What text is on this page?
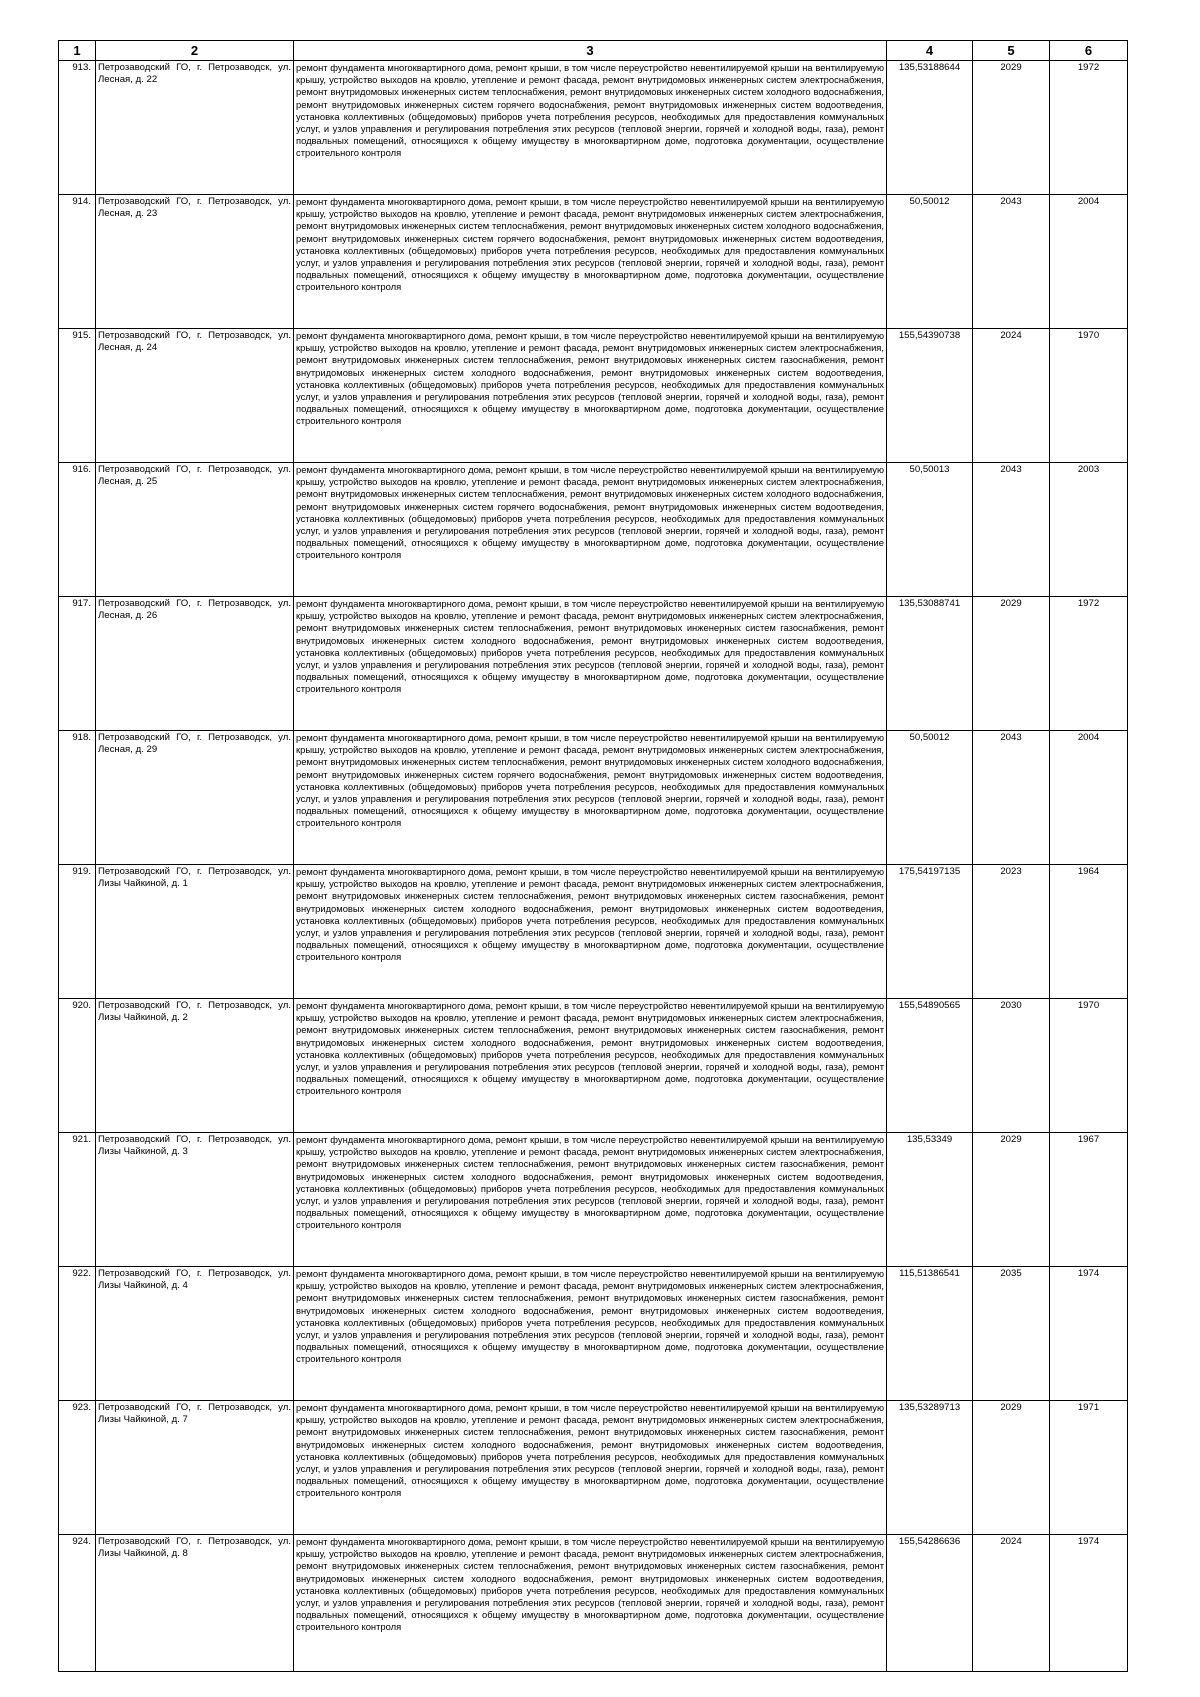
1	2	3	4	5	6
913.	Петрозаводский ГО, г. Петрозаводск, ул. Лесная, д. 22	ремонт фундамента многоквартирного дома, ремонт крыши, в том числе переустройство невентилируемой крыши на вентилируемую крышу, устройство выходов на кровлю, утепление и ремонт фасада, ремонт внутридомовых инженерных систем электроснабжения, ремонт внутридомовых инженерных систем теплоснабжения, ремонт внутридомовых инженерных систем холодного водоснабжения, ремонт внутридомовых инженерных систем горячего водоснабжения, ремонт внутридомовых инженерных систем водоотведения, установка коллективных (общедомовых) приборов учета потребления ресурсов, необходимых для предоставления коммунальных услуг, и узлов управления и регулирования потребления этих ресурсов (тепловой энергии, горячей и холодной воды, газа), ремонт подвальных помещений, относящихся к общему имуществу в многоквартирном доме, подготовка документации, осуществление строительного контроля	135,53188644	2029	1972
914.	Петрозаводский ГО, г. Петрозаводск, ул. Лесная, д. 23	ремонт фундамента многоквартирного дома, ремонт крыши, в том числе переустройство невентилируемой крыши на вентилируемую крышу, устройство выходов на кровлю, утепление и ремонт фасада, ремонт внутридомовых инженерных систем электроснабжения, ремонт внутридомовых инженерных систем теплоснабжения, ремонт внутридомовых инженерных систем холодного водоснабжения, ремонт внутридомовых инженерных систем горячего водоснабжения, ремонт внутридомовых инженерных систем водоотведения, установка коллективных (общедомовых) приборов учета потребления ресурсов, необходимых для предоставления коммунальных услуг, и узлов управления и регулирования потребления этих ресурсов (тепловой энергии, горячей и холодной воды, газа), ремонт подвальных помещений, относящихся к общему имуществу в многоквартирном доме, подготовка документации, осуществление строительного контроля	50,50012	2043	2004
915.	Петрозаводский ГО, г. Петрозаводск, ул. Лесная, д. 24	ремонт фундамента многоквартирного дома, ремонт крыши, в том числе переустройство невентилируемой крыши на вентилируемую крышу, устройство выходов на кровлю, утепление и ремонт фасада, ремонт внутридомовых инженерных систем электроснабжения, ремонт внутридомовых инженерных систем теплоснабжения, ремонт внутридомовых инженерных систем газоснабжения, ремонт внутридомовых инженерных систем холодного водоснабжения, ремонт внутридомовых инженерных систем водоотведения, установка коллективных (общедомовых) приборов учета потребления ресурсов, необходимых для предоставления коммунальных услуг, и узлов управления и регулирования потребления этих ресурсов (тепловой энергии, горячей и холодной воды, газа), ремонт подвальных помещений, относящихся к общему имуществу в многоквартирном доме, подготовка документации, осуществление строительного контроля	155,54390738	2024	1970
916.	Петрозаводский ГО, г. Петрозаводск, ул. Лесная, д. 25	ремонт фундамента многоквартирного дома, ремонт крыши, в том числе переустройство невентилируемой крыши на вентилируемую крышу, устройство выходов на кровлю, утепление и ремонт фасада, ремонт внутридомовых инженерных систем электроснабжения, ремонт внутридомовых инженерных систем теплоснабжения, ремонт внутридомовых инженерных систем холодного водоснабжения, ремонт внутридомовых инженерных систем горячего водоснабжения, ремонт внутридомовых инженерных систем водоотведения, установка коллективных (общедомовых) приборов учета потребления ресурсов, необходимых для предоставления коммунальных услуг, и узлов управления и регулирования потребления этих ресурсов (тепловой энергии, горячей и холодной воды, газа), ремонт подвальных помещений, относящихся к общему имуществу в многоквартирном доме, подготовка документации, осуществление строительного контроля	50,50013	2043	2003
917.	Петрозаводский ГО, г. Петрозаводск, ул. Лесная, д. 26	ремонт фундамента многоквартирного дома, ремонт крыши, в том числе переустройство невентилируемой крыши на вентилируемую крышу, устройство выходов на кровлю, утепление и ремонт фасада, ремонт внутридомовых инженерных систем электроснабжения, ремонт внутридомовых инженерных систем теплоснабжения, ремонт внутридомовых инженерных систем газоснабжения, ремонт внутридомовых инженерных систем холодного водоснабжения, ремонт внутридомовых инженерных систем водоотведения, установка коллективных (общедомовых) приборов учета потребления ресурсов, необходимых для предоставления коммунальных услуг, и узлов управления и регулирования потребления этих ресурсов (тепловой энергии, горячей и холодной воды, газа), ремонт подвальных помещений, относящихся к общему имуществу в многоквартирном доме, подготовка документации, осуществление строительного контроля	135,53088741	2029	1972
918.	Петрозаводский ГО, г. Петрозаводск, ул. Лесная, д. 29	ремонт фундамента многоквартирного дома, ремонт крыши, в том числе переустройство невентилируемой крыши на вентилируемую крышу, устройство выходов на кровлю, утепление и ремонт фасада, ремонт внутридомовых инженерных систем электроснабжения, ремонт внутридомовых инженерных систем теплоснабжения, ремонт внутридомовых инженерных систем холодного водоснабжения, ремонт внутридомовых инженерных систем горячего водоснабжения, ремонт внутридомовых инженерных систем водоотведения, установка коллективных (общедомовых) приборов учета потребления ресурсов, необходимых для предоставления коммунальных услуг, и узлов управления и регулирования потребления этих ресурсов (тепловой энергии, горячей и холодной воды, газа), ремонт подвальных помещений, относящихся к общему имуществу в многоквартирном доме, подготовка документации, осуществление строительного контроля	50,50012	2043	2004
919.	Петрозаводский ГО, г. Петрозаводск, ул. Лизы Чайкиной, д. 1	ремонт фундамента многоквартирного дома, ремонт крыши, в том числе переустройство невентилируемой крыши на вентилируемую крышу, устройство выходов на кровлю, утепление и ремонт фасада, ремонт внутридомовых инженерных систем электроснабжения, ремонт внутридомовых инженерных систем теплоснабжения, ремонт внутридомовых инженерных систем газоснабжения, ремонт внутридомовых инженерных систем холодного водоснабжения, ремонт внутридомовых инженерных систем водоотведения, установка коллективных (общедомовых) приборов учета потребления ресурсов, необходимых для предоставления коммунальных услуг, и узлов управления и регулирования потребления этих ресурсов (тепловой энергии, горячей и холодной воды, газа), ремонт подвальных помещений, относящихся к общему имуществу в многоквартирном доме, подготовка документации, осуществление строительного контроля	175,54197135	2023	1964
920.	Петрозаводский ГО, г. Петрозаводск, ул. Лизы Чайкиной, д. 2	ремонт фундамента многоквартирного дома, ремонт крыши, в том числе переустройство невентилируемой крыши на вентилируемую крышу, устройство выходов на кровлю, утепление и ремонт фасада, ремонт внутридомовых инженерных систем электроснабжения, ремонт внутридомовых инженерных систем теплоснабжения, ремонт внутридомовых инженерных систем газоснабжения, ремонт внутридомовых инженерных систем холодного водоснабжения, ремонт внутридомовых инженерных систем водоотведения, установка коллективных (общедомовых) приборов учета потребления ресурсов, необходимых для предоставления коммунальных услуг, и узлов управления и регулирования потребления этих ресурсов (тепловой энергии, горячей и холодной воды, газа), ремонт подвальных помещений, относящихся к общему имуществу в многоквартирном доме, подготовка документации, осуществление строительного контроля	155,54890565	2030	1970
921.	Петрозаводский ГО, г. Петрозаводск, ул. Лизы Чайкиной, д. 3	ремонт фундамента многоквартирного дома, ремонт крыши, в том числе переустройство невентилируемой крыши на вентилируемую крышу, устройство выходов на кровлю, утепление и ремонт фасада, ремонт внутридомовых инженерных систем электроснабжения, ремонт внутридомовых инженерных систем теплоснабжения, ремонт внутридомовых инженерных систем газоснабжения, ремонт внутридомовых инженерных систем холодного водоснабжения, ремонт внутридомовых инженерных систем водоотведения, установка коллективных (общедомовых) приборов учета потребления ресурсов, необходимых для предоставления коммунальных услуг, и узлов управления и регулирования потребления этих ресурсов (тепловой энергии, горячей и холодной воды, газа), ремонт подвальных помещений, относящихся к общему имуществу в многоквартирном доме, подготовка документации, осуществление строительного контроля	135,53349	2029	1967
922.	Петрозаводский ГО, г. Петрозаводск, ул. Лизы Чайкиной, д. 4	ремонт фундамента многоквартирного дома, ремонт крыши, в том числе переустройство невентилируемой крыши на вентилируемую крышу, устройство выходов на кровлю, утепление и ремонт фасада, ремонт внутридомовых инженерных систем электроснабжения, ремонт внутридомовых инженерных систем теплоснабжения, ремонт внутридомовых инженерных систем газоснабжения, ремонт внутридомовых инженерных систем холодного водоснабжения, ремонт внутридомовых инженерных систем водоотведения, установка коллективных (общедомовых) приборов учета потребления ресурсов, необходимых для предоставления коммунальных услуг, и узлов управления и регулирования потребления этих ресурсов (тепловой энергии, горячей и холодной воды, газа), ремонт подвальных помещений, относящихся к общему имуществу в многоквартирном доме, подготовка документации, осуществление строительного контроля	115,51386541	2035	1974
923.	Петрозаводский ГО, г. Петрозаводск, ул. Лизы Чайкиной, д. 7	ремонт фундамента многоквартирного дома, ремонт крыши, в том числе переустройство невентилируемой крыши на вентилируемую крышу, устройство выходов на кровлю, утепление и ремонт фасада, ремонт внутридомовых инженерных систем электроснабжения, ремонт внутридомовых инженерных систем теплоснабжения, ремонт внутридомовых инженерных систем газоснабжения, ремонт внутридомовых инженерных систем холодного водоснабжения, ремонт внутридомовых инженерных систем водоотведения, установка коллективных (общедомовых) приборов учета потребления ресурсов, необходимых для предоставления коммунальных услуг, и узлов управления и регулирования потребления этих ресурсов (тепловой энергии, горячей и холодной воды, газа), ремонт подвальных помещений, относящихся к общему имуществу в многоквартирном доме, подготовка документации, осуществление строительного контроля	135,53289713	2029	1971
924.	Петрозаводский ГО, г. Петрозаводск, ул. Лизы Чайкиной, д. 8	ремонт фундамента многоквартирного дома, ремонт крыши, в том числе переустройство невентилируемой крыши на вентилируемую крышу, устройство выходов на кровлю, утепление и ремонт фасада, ремонт внутридомовых инженерных систем электроснабжения, ремонт внутридомовых инженерных систем теплоснабжения, ремонт внутридомовых инженерных систем газоснабжения, ремонт внутридомовых инженерных систем холодного водоснабжения, ремонт внутридомовых инженерных систем водоотведения, установка коллективных (общедомовых) приборов учета потребления ресурсов, необходимых для предоставления коммунальных услуг, и узлов управления и регулирования потребления этих ресурсов (тепловой энергии, горячей и холодной воды, газа), ремонт подвальных помещений, относящихся к общему имуществу в многоквартирном доме, подготовка документации, осуществление строительного контроля	155,54286636	2024	1974
